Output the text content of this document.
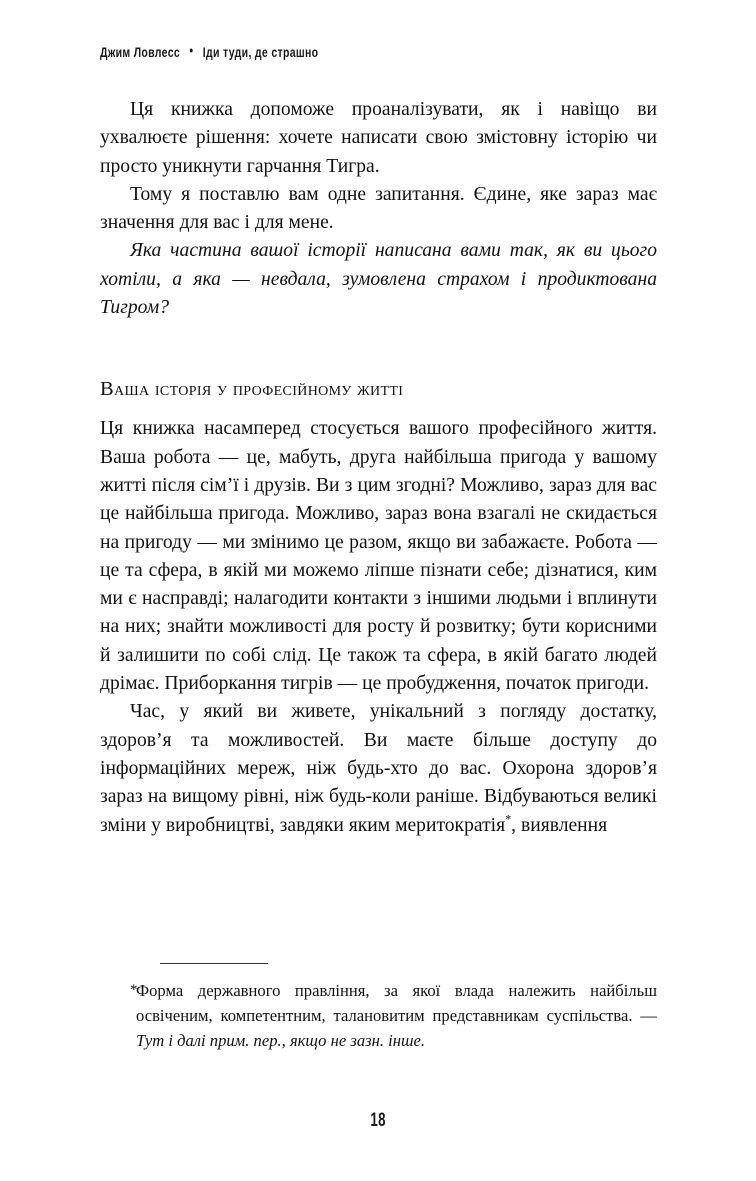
Джим Ловлесс • Іди туди, де страшно

Ця книжка допоможе проаналізувати, як і навіщо ви ухвалюєте рішення: хочете написати свою змістовну історію чи просто уникнути гарчання Тигра.

Тому я поставлю вам одне запитання. Єдине, яке зараз має значення для вас і для мене.

Яка частина вашої історії написана вами так, як ви цього хотіли, а яка — невдала, зумовлена страхом і продиктована Тигром?

Ваша історія у професійному житті

Ця книжка насамперед стосується вашого професійного життя. Ваша робота — це, мабуть, друга найбільша пригода у вашому житті після сім’ї і друзів. Ви з цим згодні? Можливо, зараз для вас це найбільша пригода. Можливо, зараз вона взагалі не скидається на пригоду — ми змінимо це разом, якщо ви забажаєте. Робота — це та сфера, в якій ми можемо ліпше пізнати себе; дізнатися, ким ми є насправді; налагодити контакти з іншими людьми і вплинути на них; знайти можливості для росту й розвитку; бути корисними й залишити по собі слід. Це також та сфера, в якій багато людей дрімає. Приборкання тигрів — це пробудження, початок пригоди.

Час, у який ви живете, унікальний з погляду достатку, здоров’я та можливостей. Ви маєте більше доступу до інформаційних мереж, ніж будь-хто до вас. Охорона здоров’я зараз на вищому рівні, ніж будь-коли раніше. Відбуваються великі зміни у виробництві, завдяки яким меритократія*, виявлення

*
Форма державного правління, за якої влада належить найбільш освіченим, компетентним, талановитим представникам суспільства. — Тут і далі прим. пер., якщо не зазн. інше.
18
